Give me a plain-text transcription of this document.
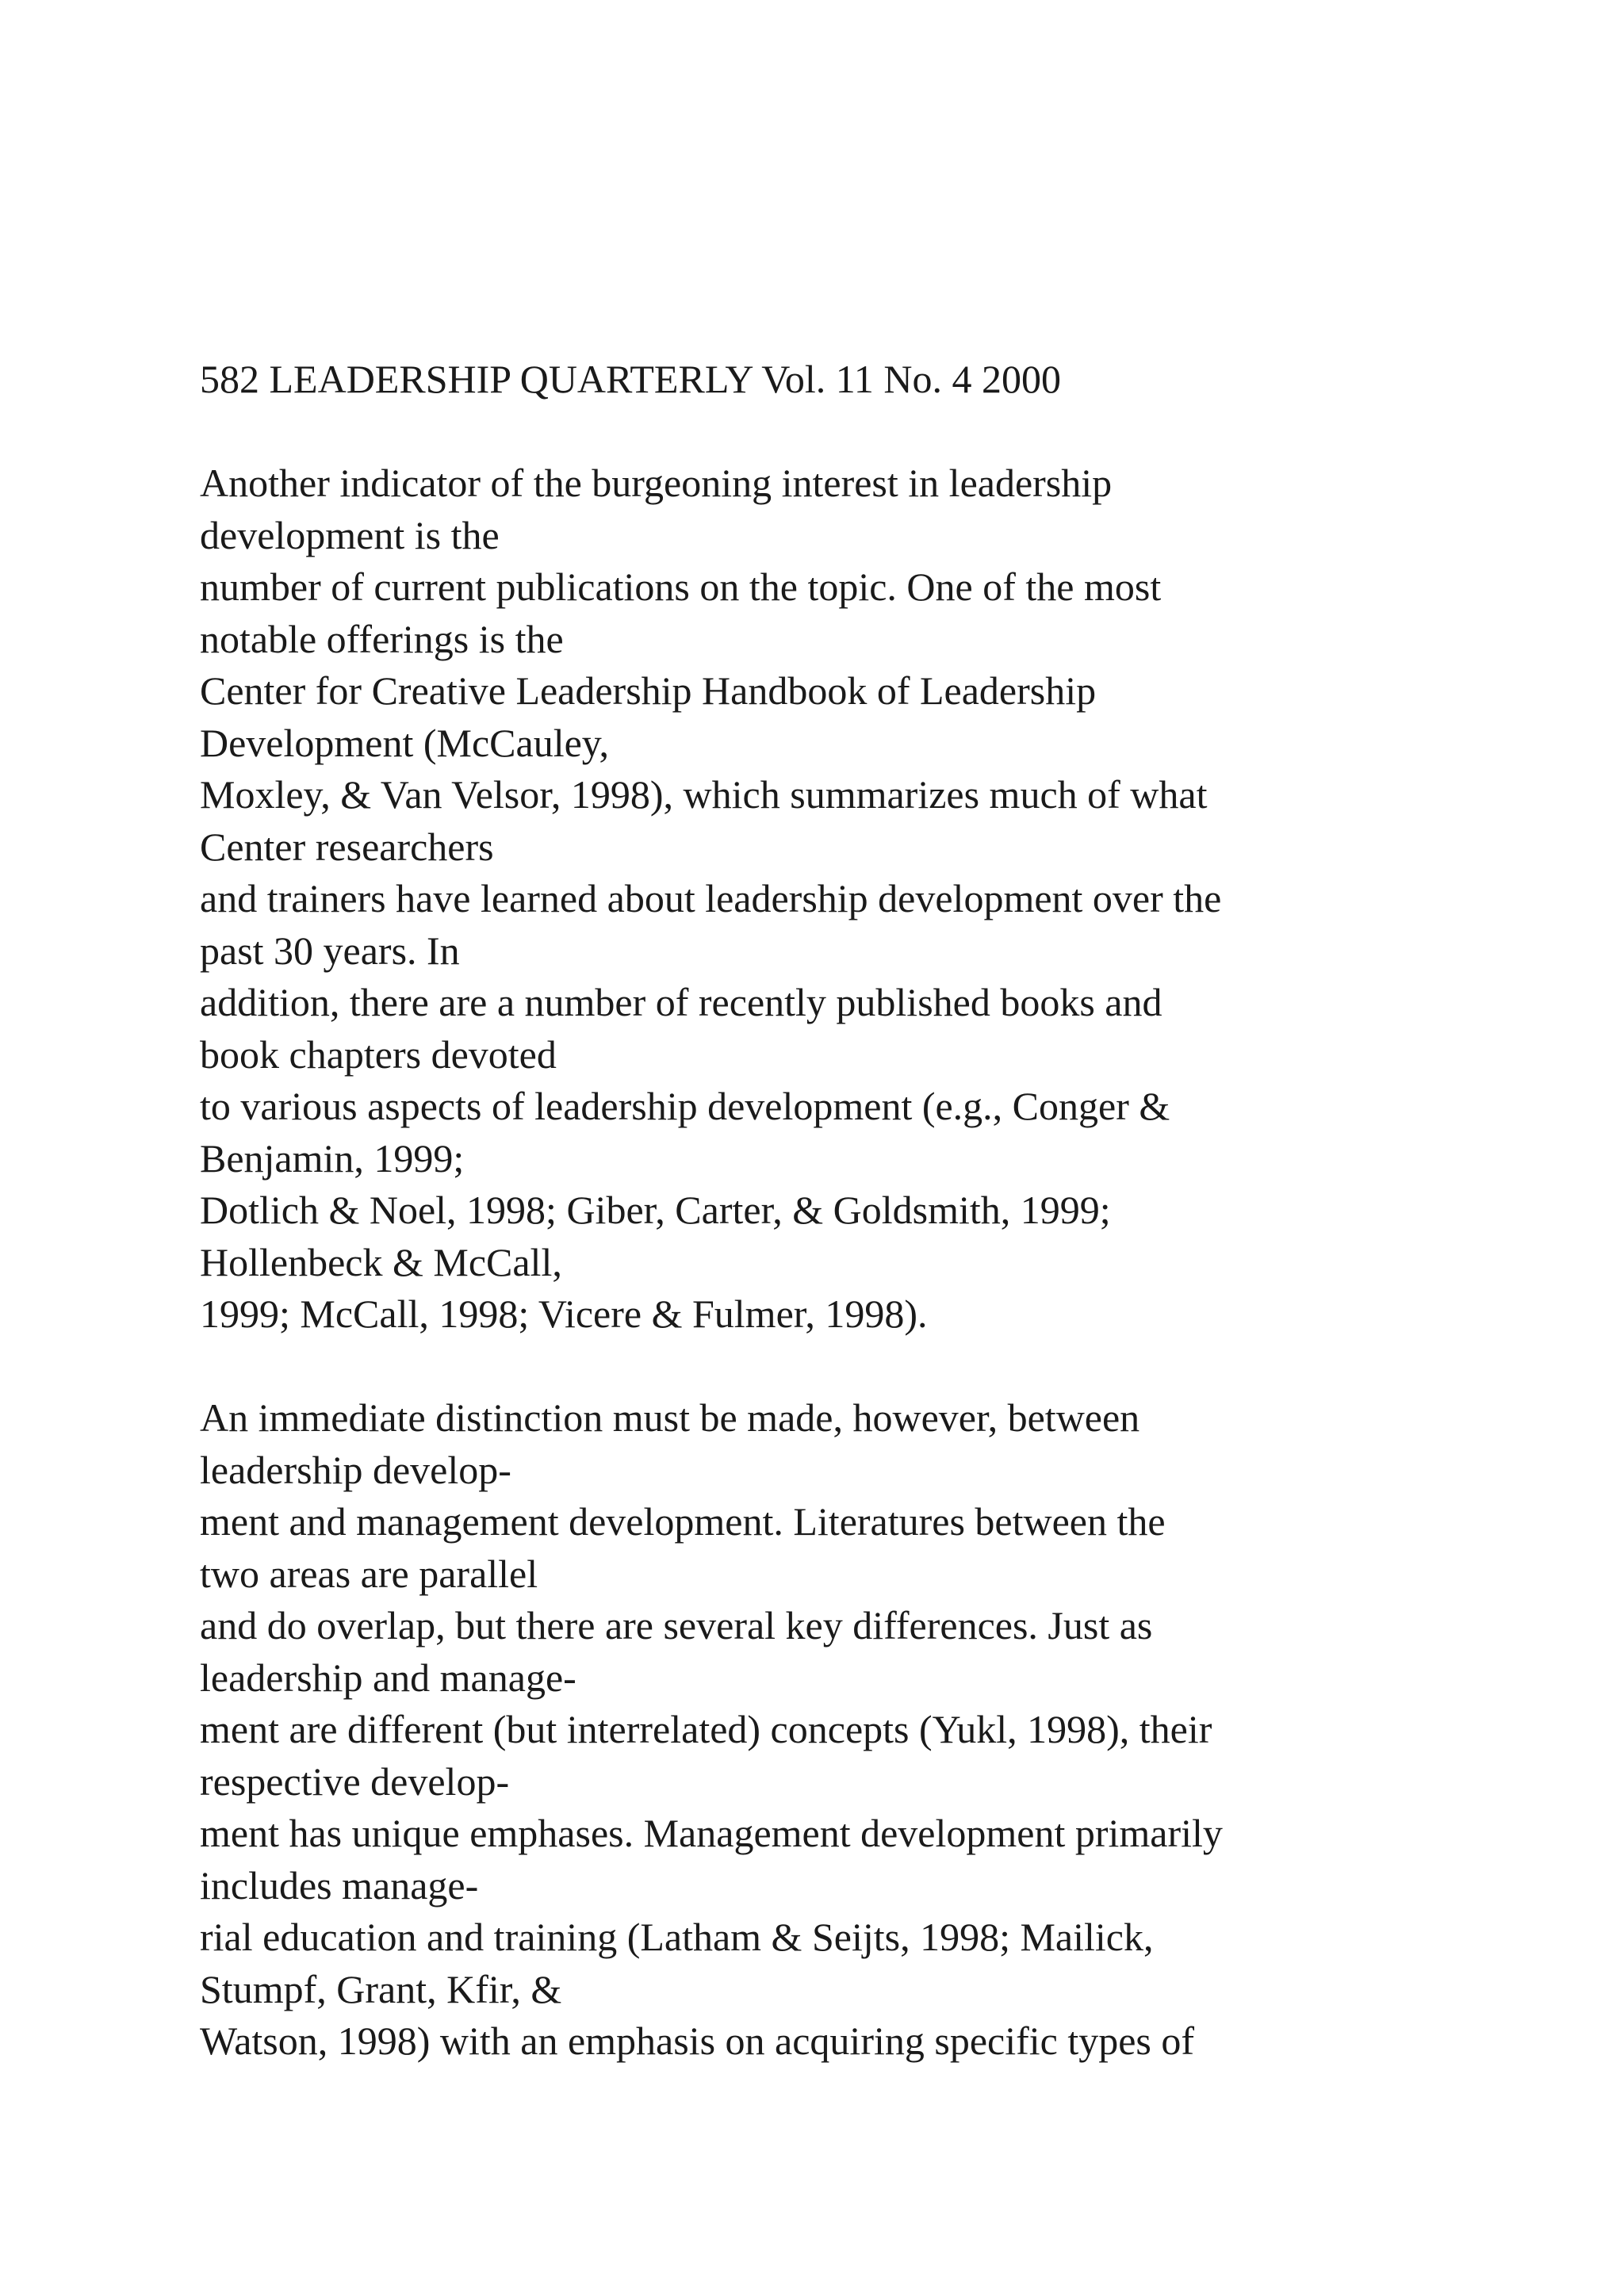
582 LEADERSHIP QUARTERLY Vol. 11 No. 4 2000
Another indicator of the burgeoning interest in leadership
development is the
number of current publications on the topic. One of the most
notable offerings is the
Center for Creative Leadership Handbook of Leadership
Development (McCauley,
Moxley, & Van Velsor, 1998), which summarizes much of what
Center researchers
and trainers have learned about leadership development over the
past 30 years. In
addition, there are a number of recently published books and
book chapters devoted
to various aspects of leadership development (e.g., Conger &
Benjamin, 1999;
Dotlich & Noel, 1998; Giber, Carter, & Goldsmith, 1999;
Hollenbeck & McCall,
1999; McCall, 1998; Vicere & Fulmer, 1998).
An immediate distinction must be made, however, between
leadership develop-
ment and management development. Literatures between the
two areas are parallel
and do overlap, but there are several key differences. Just as
leadership and manage-
ment are different (but interrelated) concepts (Yukl, 1998), their
respective develop-
ment has unique emphases. Management development primarily
includes manage-
rial education and training (Latham & Seijts, 1998; Mailick,
Stumpf, Grant, Kfir, &
Watson, 1998) with an emphasis on acquiring specific types of
